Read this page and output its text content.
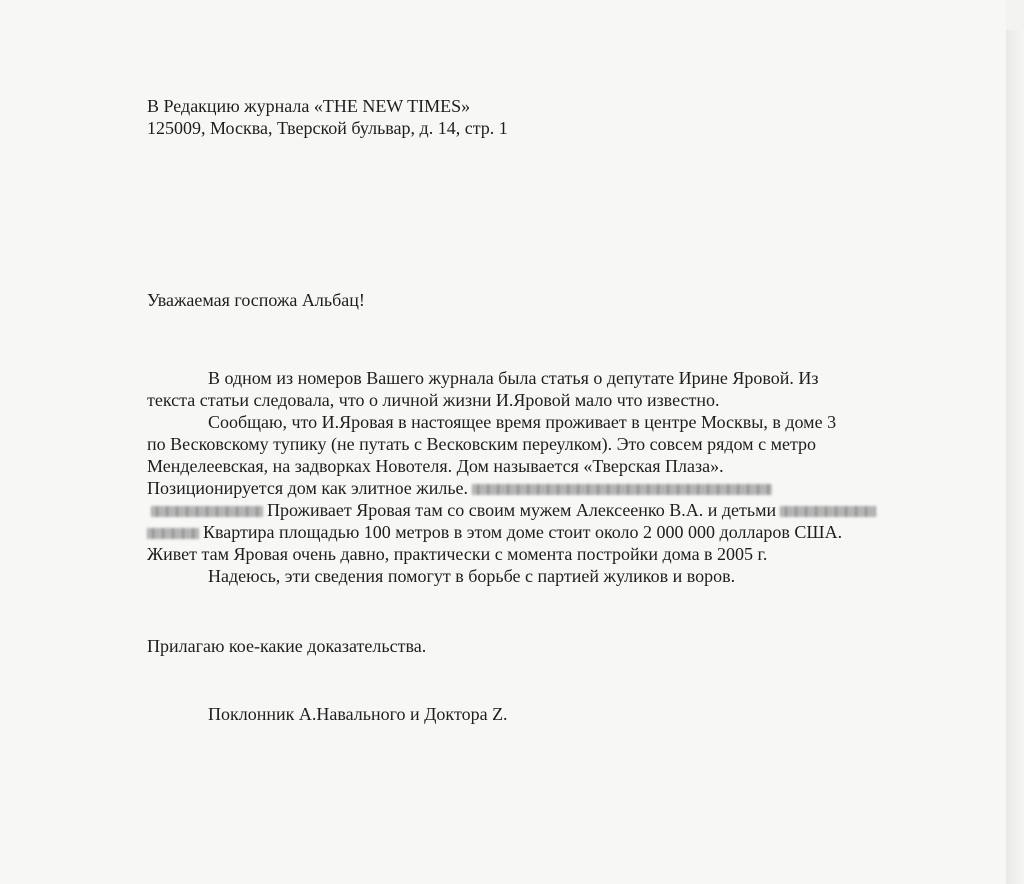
В Редакцию журнала «THE NEW TIMES»
125009, Москва, Тверской бульвар, д. 14, стр. 1
Уважаемая госпожа Альбац!
В одном из номеров Вашего журнала была статья о депутате Ирине Яровой. Из
текста статьи следовала, что о личной жизни И.Яровой мало что известно.
Сообщаю, что И.Яровая в настоящее время проживает в центре Москвы, в доме 3
по Весковскому тупику (не путать с Весковским переулком). Это совсем рядом с метро
Менделеевская, на задворках Новотеля. Дом называется «Тверская Плаза».
Позиционируется дом как элитное жилье.
Проживает Яровая там со своим мужем Алексеенко В.А. и детьми
Квартира площадью 100 метров в этом доме стоит около 2 000 000 долларов США.
Живет там Яровая очень давно, практически с момента постройки дома в 2005 г.
Надеюсь, эти сведения помогут в борьбе с партией жуликов и воров.
Прилагаю кое-какие доказательства.
Поклонник А.Навального и Доктора Z.
